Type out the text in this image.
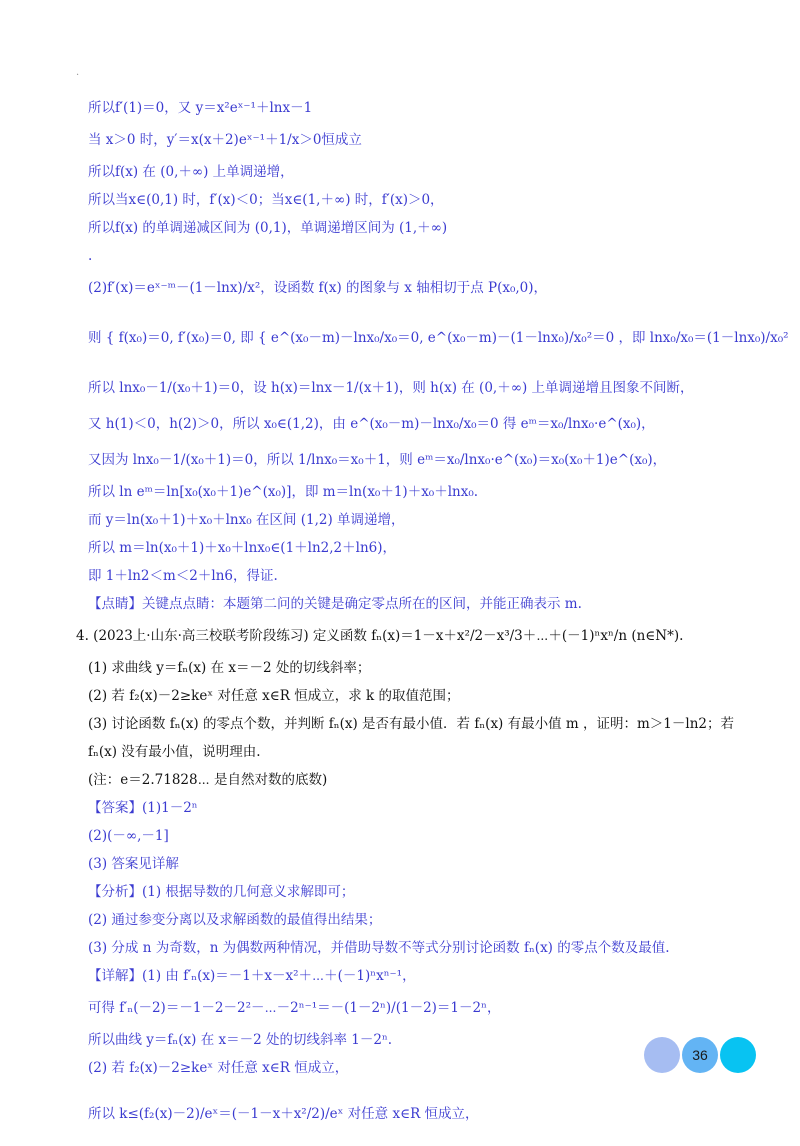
·
所以f′(1)＝0，又 y＝x²eˣ⁻¹＋lnx－1
当 x＞0 时，y′＝x(x＋2)eˣ⁻¹＋1/x＞0恒成立
所以f(x) 在 (0,＋∞) 上单调递增，
所以当x∈(0,1) 时，f′(x)＜0；当x∈(1,＋∞) 时，f′(x)＞0，
所以f(x) 的单调递减区间为 (0,1)，单调递增区间为 (1,＋∞)
.
(2)f′(x)＝eˣ⁻ᵐ－(1－lnx)/x²，设函数 f(x) 的图象与 x 轴相切于点 P(x₀,0)，
则 { f(x₀)＝0, f′(x₀)＝0, 即 { e^(x₀－m)－lnx₀/x₀＝0, e^(x₀－m)－(1－lnx₀)/x₀²＝0 ，即 lnx₀/x₀＝(1－lnx₀)/x₀²
所以 lnx₀－1/(x₀＋1)＝0，设 h(x)＝lnx－1/(x＋1)，则 h(x) 在 (0,＋∞) 上单调递增且图象不间断，
又 h(1)＜0，h(2)＞0，所以 x₀∈(1,2)，由 e^(x₀－m)－lnx₀/x₀＝0 得 eᵐ＝x₀/lnx₀·e^(x₀)，
又因为 lnx₀－1/(x₀＋1)＝0，所以 1/lnx₀＝x₀＋1，则 eᵐ＝x₀/lnx₀·e^(x₀)＝x₀(x₀＋1)e^(x₀)，
所以 ln eᵐ＝ln[x₀(x₀＋1)e^(x₀)]，即 m＝ln(x₀＋1)＋x₀＋lnx₀.
而 y＝ln(x₀＋1)＋x₀＋lnx₀ 在区间 (1,2) 单调递增，
所以 m＝ln(x₀＋1)＋x₀＋lnx₀∈(1＋ln2,2＋ln6)，
即 1＋ln2＜m＜2＋ln6，得证.
【点睛】关键点点睛：本题第二问的关键是确定零点所在的区间，并能正确表示 m.
4. (2023上·山东·高三校联考阶段练习) 定义函数 fₙ(x)＝1－x＋x²/2－x³/3＋⋯＋(－1)ⁿxⁿ/n (n∈N*).
(1) 求曲线 y＝fₙ(x) 在 x＝－2 处的切线斜率；
(2) 若 f₂(x)－2≥keˣ 对任意 x∈R 恒成立，求 k 的取值范围；
(3) 讨论函数 fₙ(x) 的零点个数，并判断 fₙ(x) 是否有最小值．若 fₙ(x) 有最小值 m ，证明：m＞1－ln2；若
fₙ(x) 没有最小值，说明理由.
(注：e＝2.71828⋯ 是自然对数的底数)
【答案】(1)1－2ⁿ
(2)(－∞,－1]
(3) 答案见详解
【分析】(1) 根据导数的几何意义求解即可；
(2) 通过参变分离以及求解函数的最值得出结果；
(3) 分成 n 为奇数，n 为偶数两种情况，并借助导数不等式分别讨论函数 fₙ(x) 的零点个数及最值.
【详解】(1) 由 f′ₙ(x)＝－1＋x－x²＋⋯＋(－1)ⁿxⁿ⁻¹，
可得 f′ₙ(－2)＝－1－2－2²－⋯－2ⁿ⁻¹＝－(1－2ⁿ)/(1－2)＝1－2ⁿ，
所以曲线 y＝fₙ(x) 在 x＝－2 处的切线斜率 1－2ⁿ.
(2) 若 f₂(x)－2≥keˣ 对任意 x∈R 恒成立，
所以 k≤(f₂(x)－2)/eˣ＝(－1－x＋x²/2)/eˣ 对任意 x∈R 恒成立，
36
